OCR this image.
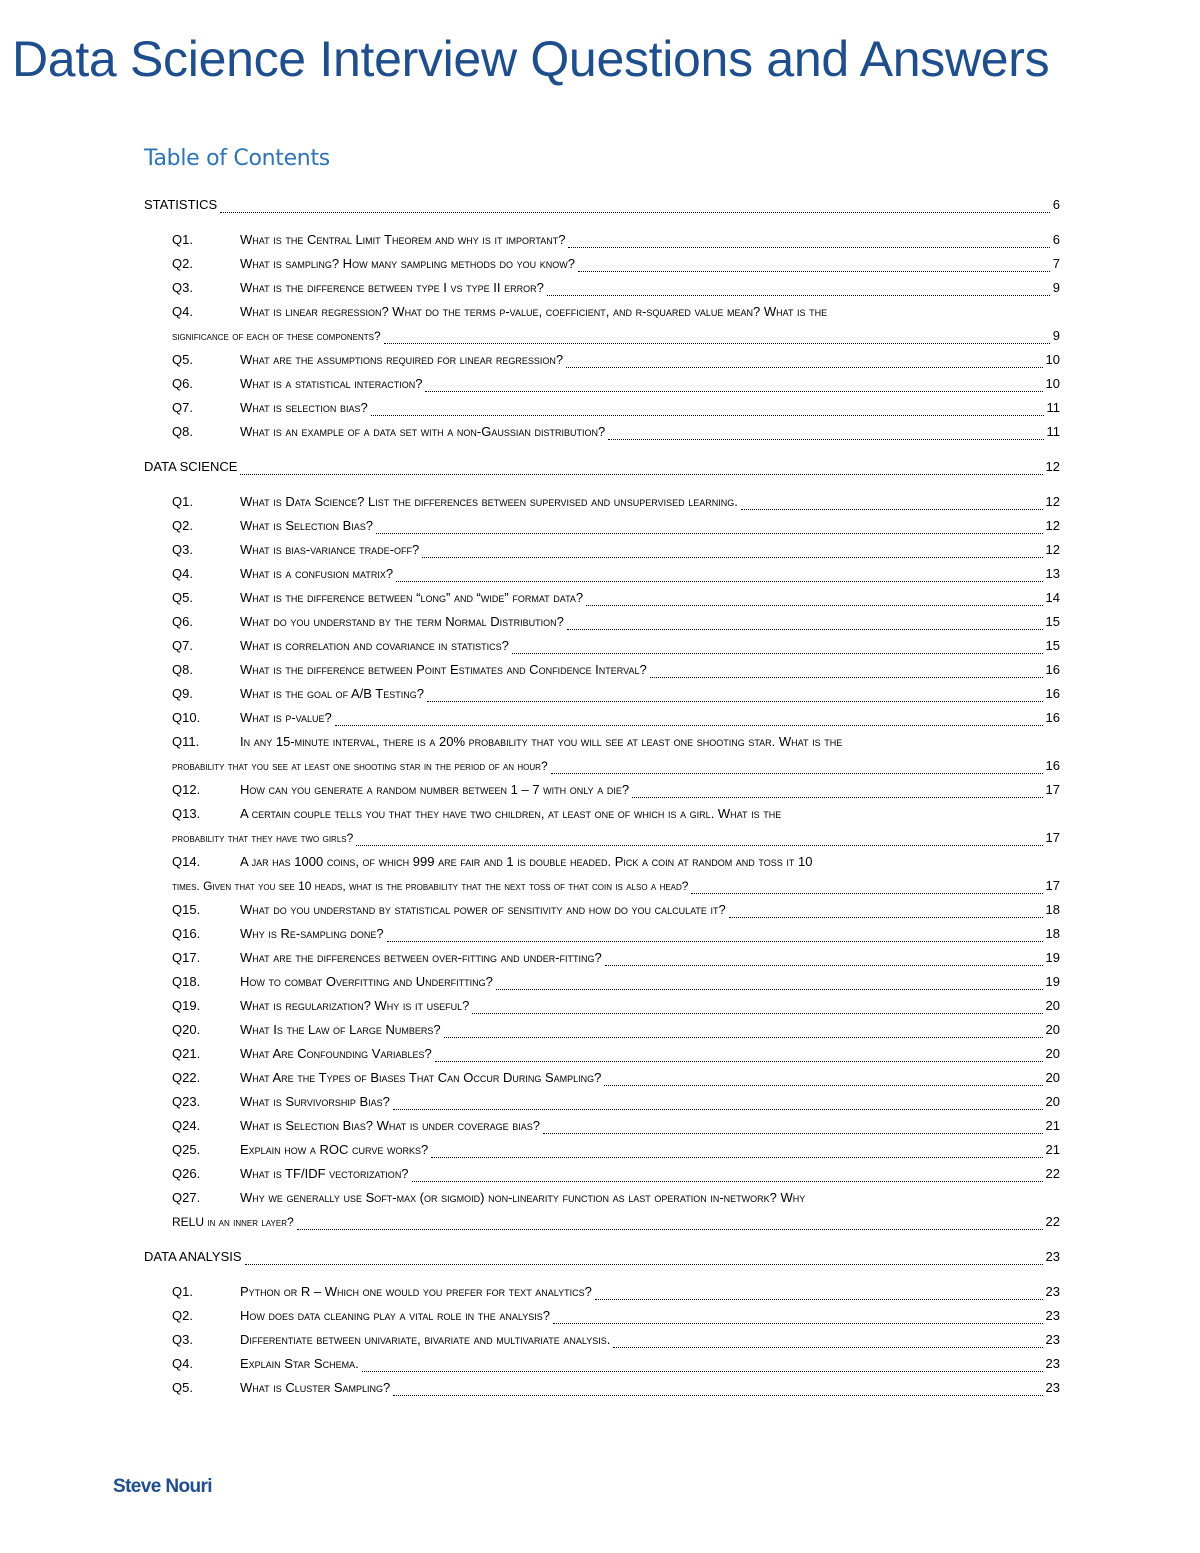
Data Science Interview Questions and Answers
Table of Contents
STATISTICS	6
Q1.	What is the Central Limit Theorem and why is it important?	6
Q2.	What is sampling? How many sampling methods do you know?	7
Q3.	What is the difference between type I vs type II error?	9
Q4.	What is linear regression? What do the terms p-value, coefficient, and r-squared value mean? What is the
significance of each of these components?	9
Q5.	What are the assumptions required for linear regression?	10
Q6.	What is a statistical interaction?	10
Q7.	What is selection bias?	11
Q8.	What is an example of a data set with a non-Gaussian distribution?	11
DATA SCIENCE	12
Q1.	What is Data Science? List the differences between supervised and unsupervised learning.	12
Q2.	What is Selection Bias?	12
Q3.	What is bias-variance trade-off?	12
Q4.	What is a confusion matrix?	13
Q5.	What is the difference between “long” and “wide” format data?	14
Q6.	What do you understand by the term Normal Distribution?	15
Q7.	What is correlation and covariance in statistics?	15
Q8.	What is the difference between Point Estimates and Confidence Interval?	16
Q9.	What is the goal of A/B Testing?	16
Q10.	What is p-value?	16
Q11.	In any 15-minute interval, there is a 20% probability that you will see at least one shooting star. What is the
probability that you see at least one shooting star in the period of an hour?	16
Q12.	How can you generate a random number between 1 – 7 with only a die?	17
Q13.	A certain couple tells you that they have two children, at least one of which is a girl. What is the
probability that they have two girls?	17
Q14.	A jar has 1000 coins, of which 999 are fair and 1 is double headed. Pick a coin at random and toss it 10
times. Given that you see 10 heads, what is the probability that the next toss of that coin is also a head?	17
Q15.	What do you understand by statistical power of sensitivity and how do you calculate it?	18
Q16.	Why is Re-sampling done?	18
Q17.	What are the differences between over-fitting and under-fitting?	19
Q18.	How to combat Overfitting and Underfitting?	19
Q19.	What is regularization? Why is it useful?	20
Q20.	What Is the Law of Large Numbers?	20
Q21.	What Are Confounding Variables?	20
Q22.	What Are the Types of Biases That Can Occur During Sampling?	20
Q23.	What is Survivorship Bias?	20
Q24.	What is Selection Bias? What is under coverage bias?	21
Q25.	Explain how a ROC curve works?	21
Q26.	What is TF/IDF vectorization?	22
Q27.	Why we generally use Soft-max (or sigmoid) non-linearity function as last operation in-network? Why
RELU in an inner layer?	22
DATA ANALYSIS	23
Q1.	Python or R – Which one would you prefer for text analytics?	23
Q2.	How does data cleaning play a vital role in the analysis?	23
Q3.	Differentiate between univariate, bivariate and multivariate analysis.	23
Q4.	Explain Star Schema.	23
Q5.	What is Cluster Sampling?	23
Steve Nouri
